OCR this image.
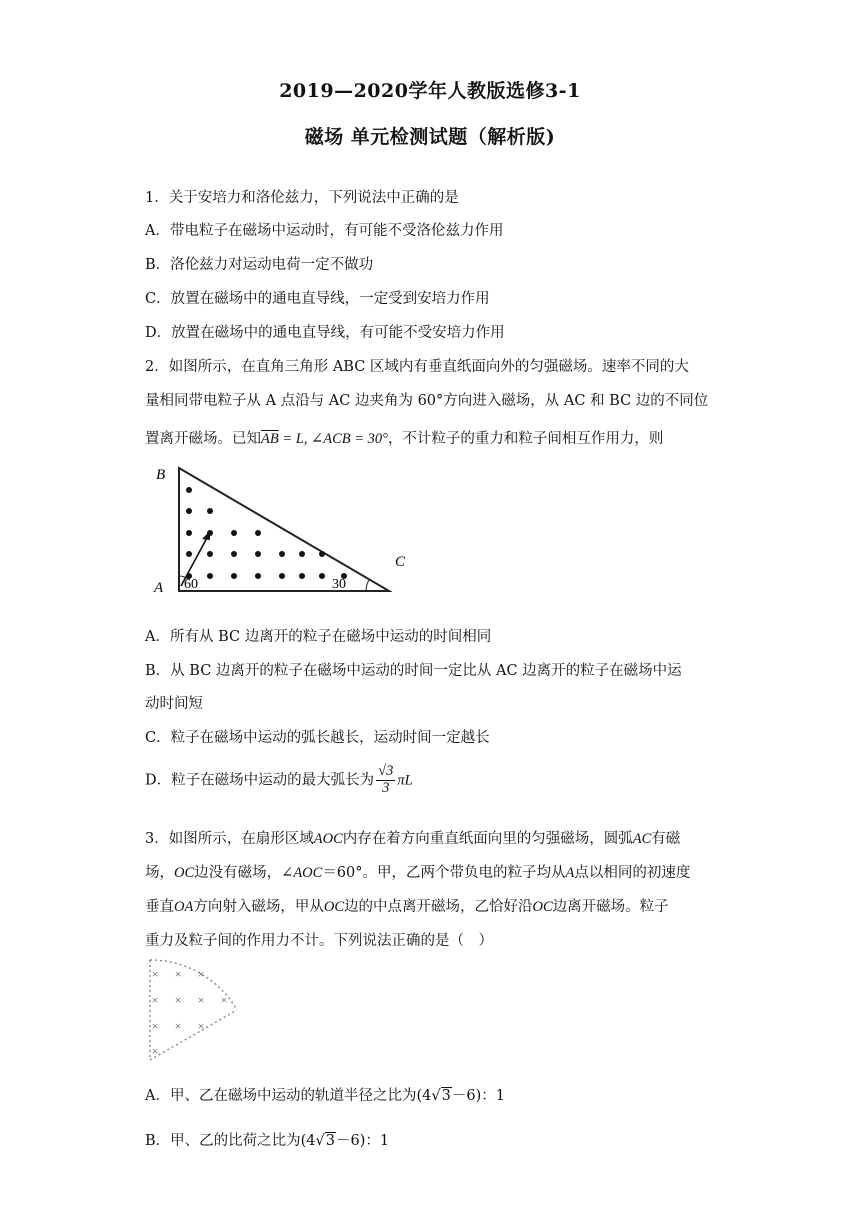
2019—2020学年人教版选修3-1
磁场 单元检测试题（解析版)
1．关于安培力和洛伦兹力，下列说法中正确的是
A．带电粒子在磁场中运动时，有可能不受洛伦兹力作用
B．洛伦兹力对运动电荷一定不做功
C．放置在磁场中的通电直导线，一定受到安培力作用
D．放置在磁场中的通电直导线，有可能不受安培力作用
2．如图所示，在直角三角形 ABC 区域内有垂直纸面向外的匀强磁场。速率不同的大
量相同带电粒子从 A 点沿与 AC 边夹角为 60°方向进入磁场，从 AC 和 BC 边的不同位
置离开磁场。已知$\overline{AB} = L$, ∠ACB = 30°，不计粒子的重力和粒子间相互作用力，则
B
A
C
60	30
A．所有从 BC 边离开的粒子在磁场中运动的时间相同
B．从 BC 边离开的粒子在磁场中运动的时间一定比从 AC 边离开的粒子在磁场中运
动时间短
C．粒子在磁场中运动的弧长越长，运动时间一定越长
D．粒子在磁场中运动的最大弧长为 $\frac{√3}{3}$ πL
3．如图所示，在扇形区域AOC内存在着方向重直纸面向里的匀强磁场，圆弧AC有磁
场，OC边没有磁场，∠AOC＝60°。甲，乙两个带负电的粒子均从A点以相同的初速度
垂直OA方向射入磁场，甲从OC边的中点离开磁场，乙恰好沿OC边离开磁场。粒子
重力及粒子间的作用力不计。下列说法正确的是（　）
× × ×
× × × ×
× × ×
×
A．甲、乙在磁场中运动的轨道半径之比为(4√3－6)：1
B．甲、乙的比荷之比为(4√3－6)：1
